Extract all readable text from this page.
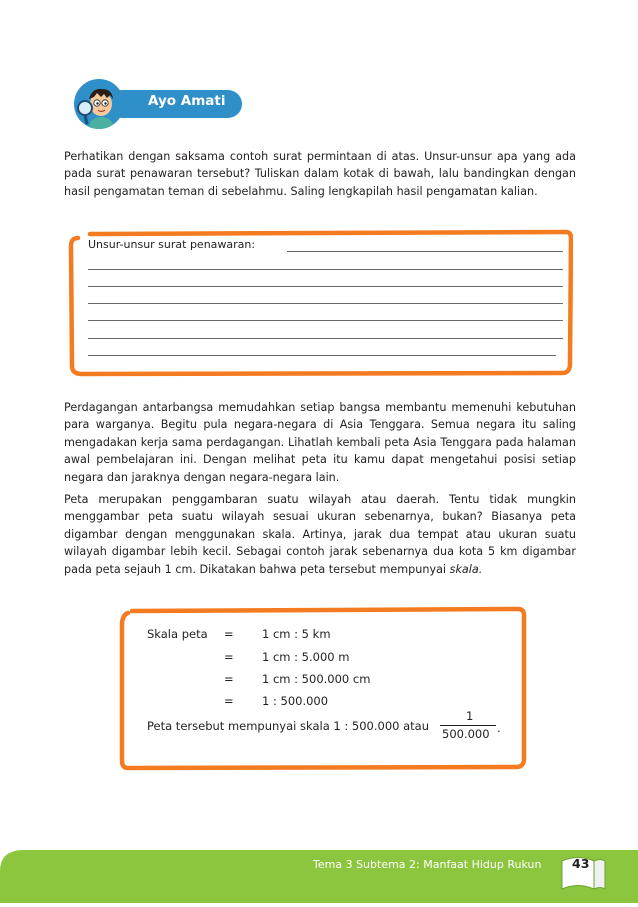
Ayo Amati

Perhatikan dengan saksama contoh surat permintaan di atas. Unsur-unsur apa yang ada pada surat penawaran tersebut? Tuliskan dalam kotak di bawah, lalu bandingkan dengan hasil pengamatan teman di sebelahmu. Saling lengkapilah hasil pengamatan kalian.

Unsur-unsur surat penawaran:

Perdagangan antarbangsa memudahkan setiap bangsa membantu memenuhi kebutuhan para warganya. Begitu pula negara-negara di Asia Tenggara. Semua negara itu saling mengadakan kerja sama perdagangan. Lihatlah kembali peta Asia Tenggara pada halaman awal pembelajaran ini. Dengan melihat peta itu kamu dapat mengetahui posisi setiap negara dan jaraknya dengan negara-negara lain.

Peta merupakan penggambaran suatu wilayah atau daerah. Tentu tidak mungkin menggambar peta suatu wilayah sesuai ukuran sebenarnya, bukan? Biasanya peta digambar dengan menggunakan skala. Artinya, jarak dua tempat atau ukuran suatu wilayah digambar lebih kecil. Sebagai contoh jarak sebenarnya dua kota 5 km digambar pada peta sejauh 1 cm. Dikatakan bahwa peta tersebut mempunyai skala.

Skala peta = 1 cm : 5 km
= 1 cm : 5.000 m
= 1 cm : 500.000 cm
= 1 : 500.000
Peta tersebut mempunyai skala 1 : 500.000 atau
1
500.000 .
Tema 3 Subtema 2: Manfaat Hidup Rukun 43
